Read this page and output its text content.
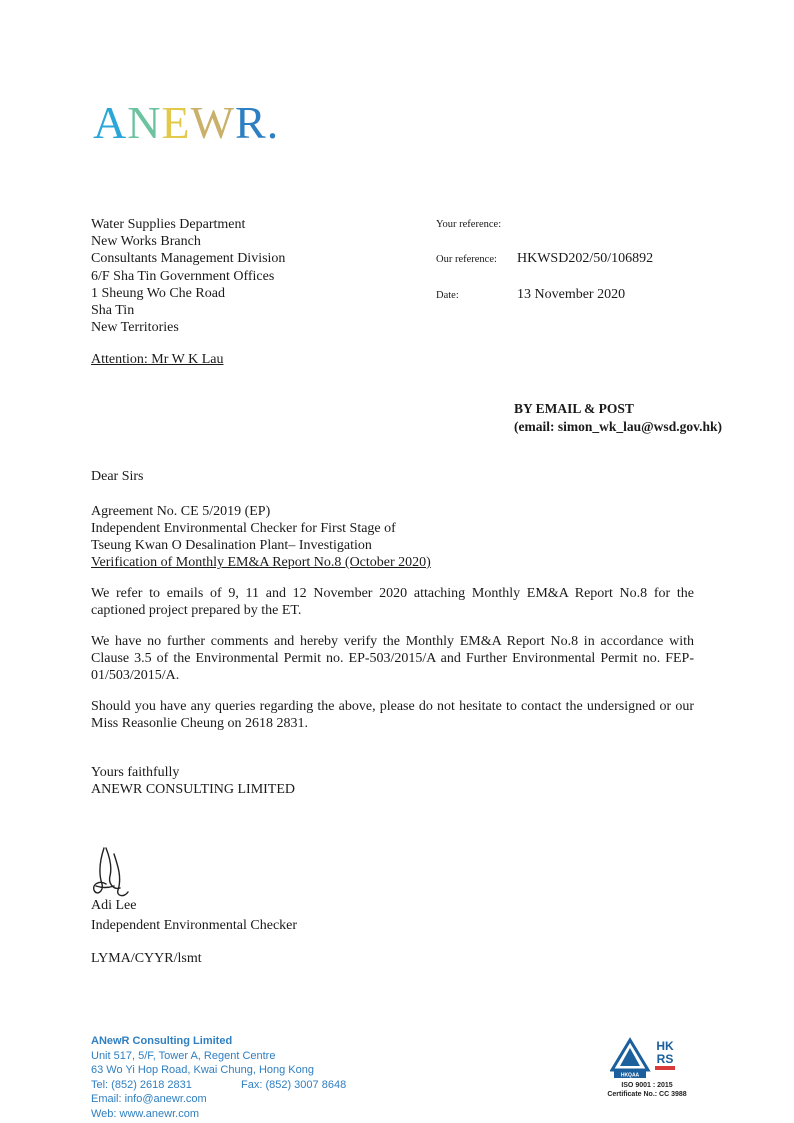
ANEWR.
Water Supplies Department
New Works Branch
Consultants Management Division
6/F Sha Tin Government Offices
1 Sheung Wo Che Road
Sha Tin
New Territories
Attention: Mr W K Lau
Your reference:
Our reference: HKWSD202/50/106892
Date:	13 November 2020
BY EMAIL & POST
(email: simon_wk_lau@wsd.gov.hk)
Dear Sirs
Agreement No. CE 5/2019 (EP)
Independent Environmental Checker for First Stage of
Tseung Kwan O Desalination Plant– Investigation
Verification of Monthly EM&A Report No.8 (October 2020)
We refer to emails of 9, 11 and 12 November 2020 attaching Monthly EM&A Report No.8 for the captioned project prepared by the ET.
We have no further comments and hereby verify the Monthly EM&A Report No.8 in accordance with Clause 3.5 of the Environmental Permit no. EP-503/2015/A and Further Environmental Permit no. FEP-01/503/2015/A.
Should you have any queries regarding the above, please do not hesitate to contact the undersigned or our Miss Reasonlie Cheung on 2618 2831.
Yours faithfully
ANEWR CONSULTING LIMITED
Adi Lee
Independent Environmental Checker
LYMA/CYYR/lsmt
ANewR Consulting Limited
Unit 517, 5/F, Tower A, Regent Centre
63 Wo Yi Hop Road, Kwai Chung, Hong Kong
Tel: (852) 2618 2831	Fax: (852) 3007 8648
Email: info@anewr.com
Web: www.anewr.com
HKQAA
HK
RS
ISO 9001 : 2015
Certificate No.: CC 3988
